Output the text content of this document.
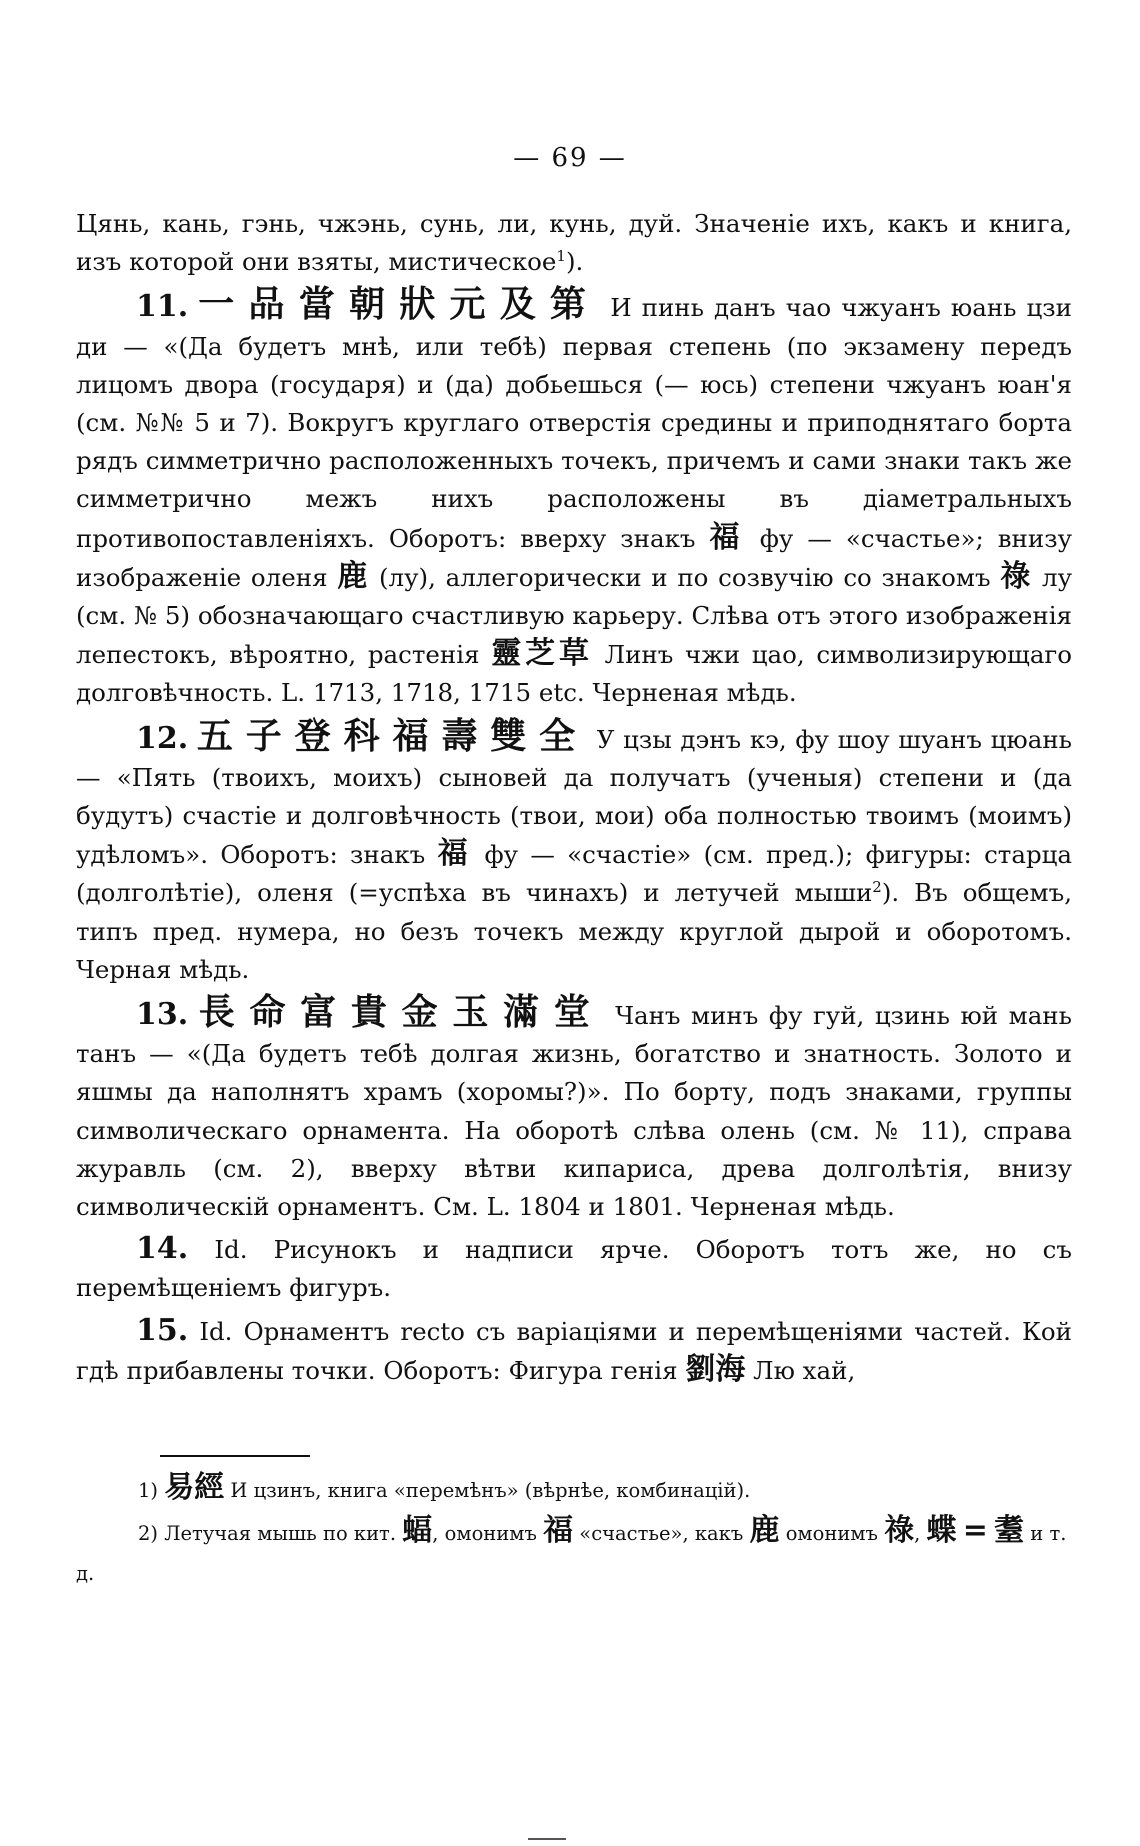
— 69 —

Цянь, кань, гэнь, чжэнь, сунь, ли, кунь, дуй. Значеніе ихъ, какъ и книга, изъ которой они взяты, мистическое$^1$).

11. 一品當朝狀元及第 И пинь данъ чао чжуанъ юань цзи ди — «(Да будетъ мнѣ, или тебѣ) первая степень (по экзамену передъ лицомъ двора (государя) и (да) добьешься (— юсь) степени чжуанъ юан'я (см. №№ 5 и 7). Вокругъ круглаго отверстія средины и приподнятаго борта рядъ симметрично расположенныхъ точекъ, причемъ и сами знаки такъ же симметрично межъ нихъ расположены въ діаметральныхъ противопоставленіяхъ. Оборотъ: вверху знакъ 福 фу — «счастье»; внизу изображеніе оленя 鹿 (лу), аллегорически и по созвучію со знакомъ 祿 лу (см. № 5) обозначающаго счастливую карьеру. Слѣва отъ этого изображенія лепестокъ, вѣроятно, растенія 靈芝草 Линъ чжи цао, символизирующаго долговѣчность. L. 1713, 1718, 1715 etc. Черненая мѣдь.

12. 五子登科福壽雙全 У цзы дэнъ кэ, фу шоу шуанъ цюань — «Пять (твоихъ, моихъ) сыновей да получатъ (ученыя) степени и (да будутъ) счастіе и долговѣчность (твои, мои) оба полностью твоимъ (моимъ) удѣломъ». Оборотъ: знакъ 福 фу — «счастіе» (см. пред.); фигуры: старца (долголѣтіе), оленя (=успѣха въ чинахъ) и летучей мыши$^2$). Въ общемъ, типъ пред. нумера, но безъ точекъ между круглой дырой и оборотомъ. Черная мѣдь.

13. 長命富貴金玉滿堂 Чанъ минъ фу гуй, цзинь юй мань танъ — «(Да будетъ тебѣ долгая жизнь, богатство и знатность. Золото и яшмы да наполнятъ храмъ (хоромы?)». По борту, подъ знаками, группы символическаго орнамента. На оборотѣ слѣва олень (см. № 11), справа журавль (см. 2), вверху вѣтви кипариса, древа долголѣтія, внизу символическій орнаментъ. См. L. 1804 и 1801. Черненая мѣдь.

14. Id. Рисунокъ и надписи ярче. Оборотъ тотъ же, но съ перемѣщеніемъ фигуръ.

15. Id. Орнаментъ recto съ варіаціями и перемѣщеніями частей. Кой гдѣ прибавлены точки. Оборотъ: Фигура генія 劉海 Лю хай,

1) 易經 И цзинъ, книга «перемѣнъ» (вѣрнѣе, комбинацій).

2) Летучая мышь по кит. 蝠, омонимъ 福 «счастье», какъ 鹿 омонимъ 祿, 蝶 = 耋 и т. д.
